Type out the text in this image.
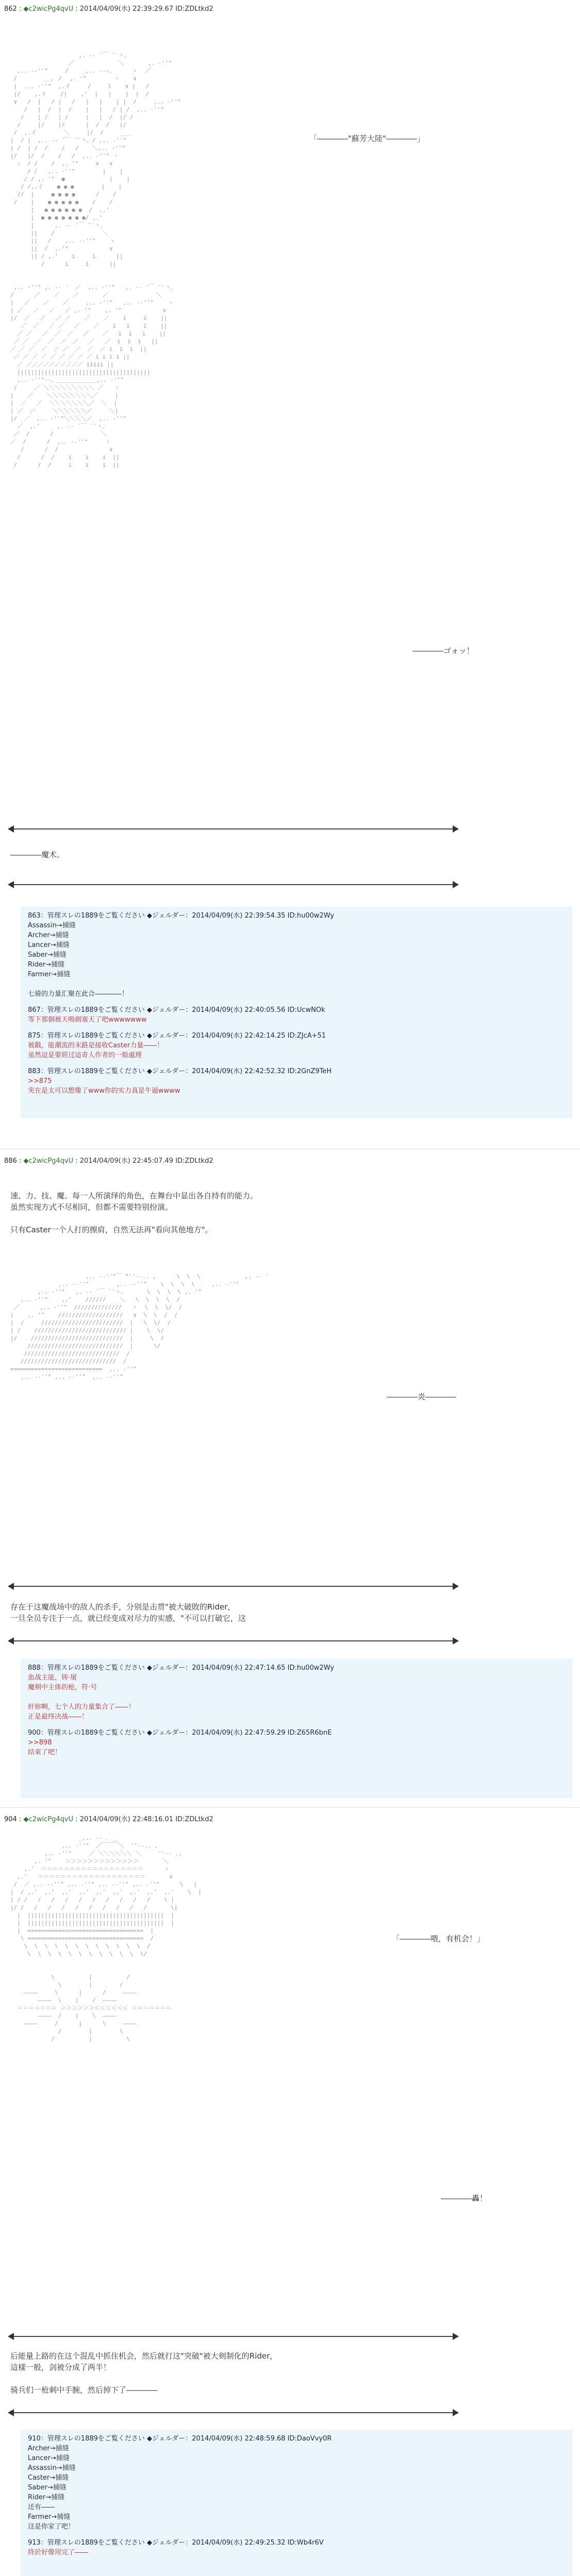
862 : ◆c2wicPg4qvU : 2014/04/09(水) 22:39:29.67 ID:ZDLtkd2
,. -‐ ´￣ ̄ `丶、
／             ＼       ,. ‐''"
,.. -‐''"     /    _,.. -‐-、     ヽ  ／
/        ＿, ノ  ,. '"        ヽ    ∨
|  ,.. ‐''"  ,.イ     /     l    ∨ |   /
|/    ,.イ    /|    ,'  |   |    |  |  /
∨   /  |   / |   /   |   |    | |  /     ,.. ‐''"
/   |  /  |  /    |   |   / | /  ,.. ‐''"
/    | /   | /     |   |  /  |/ /
/     |/    |/      |  /  /   |/
/  ,.イ        ＼     |/  /     ___
|  / |  ,.. -‐ ´￣ ̄ `丶、/ ,.. ‐''"
| /  | /  /    /   /    ＼,.. ‐''"
|/   |/  /    /   /  ,.. ‐''" ヽ
☆  / /    /  ,. '"     ∨   ∨
/ /   ,.. ‐''"        |    |
/ / ,. '"  ●             |    |
/ /,.イ    ● ● ●        |    |
//  |     ● ● ● ●      /    /
/    |    ● ● ● ● ●    /    /
|   ● ● ● ● ● ●  /  ,.'
|  ● ● ● ● ● ● ●/ ,.'
|      ,. -‐ ´￣ ̄ `丶、
||    /              ＼
||   /    ,.. -‐''"    ヽ
||  /  ,.'"            ∨
|| / ,.'    i     i      ||
/      i     i      ||

,.. ‐''" ,. -‐ ´  ／  ,.. ‐''"   ,. -‐ ´￣ ̄ `丶、
/      ／    ／    ／       ／              ＼
|   ／    ／    ／     ,.. ‐''"   ,.. -‐''"    ヽ
| ／   ／   ／   ／ ,. '"    ,. '"            ∨
|/  ／   ／   ／ ／    ／    ／    i     i    ||
／  ／   ／ ／   ／    ／    i   i    i    ||
／ ／   ／  ／  ／   ／    ／   i  i   i    ||
／ ／  ／  ／  ／  ／   ／   ／  i  i  i   ||
／ ／ ／  ／  ／ ／  ／  ／  ／ i  i  i  ||
／ ／ ／ ／ ／ ／ ／ ／ ／ i i i i ||
／ ／／／／／／／／／／ iiiii ||
|||||||||||||||||||||||||||||||||||||||
,.. ‐''"‐-、＿＿＿＿＿＿＿,.. ‐''"
/     ／ ＼＼＼＼＼＼＼＼＼ ／   ヽ
|    ／    ＼＼＼＼＼＼＼＼／     |
|  ／   ／  ＼＼＼＼＼＼＼／  ＼  |
| ／  ／     ＼＼＼＼＼＼／     ＼|
|/  ／  ,.. ‐''"＼＼＼＼／  ,.. ‐''"
／  ,.'     ,. -‐ ´￣ ̄ `丶、
／  /      /              ＼
／  /      /  ,.. -‐''"     ヽ
/      /  /               ∨
/      /  /    i    i    i  ||
/      /  /     i    i    i  ||
「――――"蘇芳大陸"――――」
――――ゴォッ！
――――魔术。
863：管理スレの1889をご覧ください ◆ジェルダー：2014/04/09(水) 22:39:54.35 ID:hu00w2Wy
Assassin→捕缝
Archer→捕缝
Lancer→捕缝
Saber→捕缝
Rider→捕缝
Farmer→捕缝

七骑的力量汇聚在此合――――！
867：管理スレの1889をご覧ください ◆ジェルダー：2014/04/09(水) 22:40:05.56 ID:UcwNOk
等下那個被天鳴劍塞天了吧wwwwwww
875：管理スレの1889をご覧ください ◆ジェルダー：2014/04/09(水) 22:42:14.25 ID:ZJcA+51
被戳，能潮流的末路是接收Caster力量――！
虽然這是要經过這奇人作者的一般處理
883：管理スレの1889をご覧ください ◆ジェルダー：2014/04/09(水) 22:42:52.32 ID:2GnZ9TeH
>>875
実在是太可以想像了www你的实力真是牛逼wwww
886 : ◆c2wicPg4qvU : 2014/04/09(水) 22:45:07.49 ID:ZDLtkd2
速、力、技、魔。每一人所演绎的角色，在舞台中显出各自持有的能力。
虽然实现方式不尽相同，但都不需要特别扮演。

只有Caster一个人打的擦肩，自然无法再"看向其他地方"。
,.. -‐''"￣ ̄"''‐-.. ,      \  \  \             ,. -‐ ´
,.. -‐''"        ,.. -‐''"    \  \  \  \     ,.. ‐''"
,.. ‐''"   ,. -‐ ´￣ ̄ `丶、      \  \  \  \ ,. '"
,.. ‐''"    ,.'    //////    ＼   \  \  \  \  /
／      ,.. ‐''"  //////////////   ヽ  \  \  \/  /
|    ,. '"    ///////////////////   ∨  \  \  /  /
|  /     ////////////////////////  |   \  \/  /
| /    /////////////////////////// |    \  \/
|/    ///////////////////////////  |     \  /
////////////////////////////  |      \/
////////////////////////////  /
////////////////////////////  /
===========================  ,.. ‐''"
,.. -‐''" ,.. -‐''"  ,.. -‐''"
――――炎――――
存在于这魔战场中的敌人的杀手，分别是击贯"被大破敗的Rider，
一旦全员专注于一点，就已经变成对尽力的实感，"不可以打破它，这
888：管理スレの1889をご覧ください ◆ジェルダー：2014/04/09(水) 22:47:14.65 ID:hu00w2Wy
血战主能，铸·屠
魔剣中主体的枪，符·号

奸妳啊，七个人的力量集合了――！
正是最终决战――！
900：管理スレの1889をご覧ください ◆ジェルダー：2014/04/09(水) 22:47:59.29 ID:Z65R6bnE
>>898
结束了吧！
904 : ◆c2wicPg4qvU : 2014/04/09(水) 22:48:16.01 ID:ZDLtkd2
_,.. ‐- ､ __
,.. ‐''"  ／￣￣￣＼  ''‐-.. ,
,.. ‐''"     ／ ＼＼＼＼＼＼ ＼     ''‐- .,
,. '"    ＞＞＞＞＞＞＞＞＞＞＞＞＞       ＼
,.'  ＝＝＝＝＝＝＝＝＝＝＝＝＝＝＝＝＝＝      ヽ
,.'   ＝＝＝＝＝＝＝＝＝＝＝＝＝＝＝＝＝＝＝       ∨
/  ／ ,.. -‐''" ,.. ‐''" ,.. -‐''" ,.. ‐''"      \   |
|  / ,.'  ,.'  ,.'  ,.'  ,.'  ,.'  ,.'  ,.'  ,.'    \  |
| / /   /   /   /   /   /   /   /   /   /    \ |
|/ /   /   /   /   /   /   /   /   /   /       \|
|  ||||||||||||||||||||||||||||||||||||||||  |
|  ||||||||||||||||||||||||||||||||||||||||  |
|  ==================================  |
\ ==================================  /
\  \  \  \  \  \  \  \  \  \  \  \  /
\  \  \  \  \  \  \  \  \  \  \  \/

\          |          /
\        |        /
――――     \      |      /     ――――
――――  \    |    /  ――――
＝＝＝＝＝＝＝ ＞＞＞＞＞＞＜＜＜＜＜＜ ＝＝＝＝＝＝＝
――――  /    |    \  ――――
――――     /      |      \     ――――
/        |        \
/          |          \
「――――喂，有机会！」
――――轟！
后能量上路的在这个混乱中抓住机会，然后就打这"突破"被大剣制化的Rider，
這樣一般，剑被分成了两半！

骑兵们一枪刺中手腕，然后掉下了――――
910：管理スレの1889をご覧ください ◆ジェルダー：2014/04/09(水) 22:48:59.68 ID:DaoVvy0R
Archer→捕缝
Lancer→捕缝
Assassin→捕缝
Caster→捕缝
Saber→捕缝
Rider→捕缝
还有――
Farmer→捕缝
这是你家了吧！
913：管理スレの1889をご覧ください ◆ジェルダー：2014/04/09(水) 22:49:25.32 ID:Wb4r6V
終於好像用完了――
